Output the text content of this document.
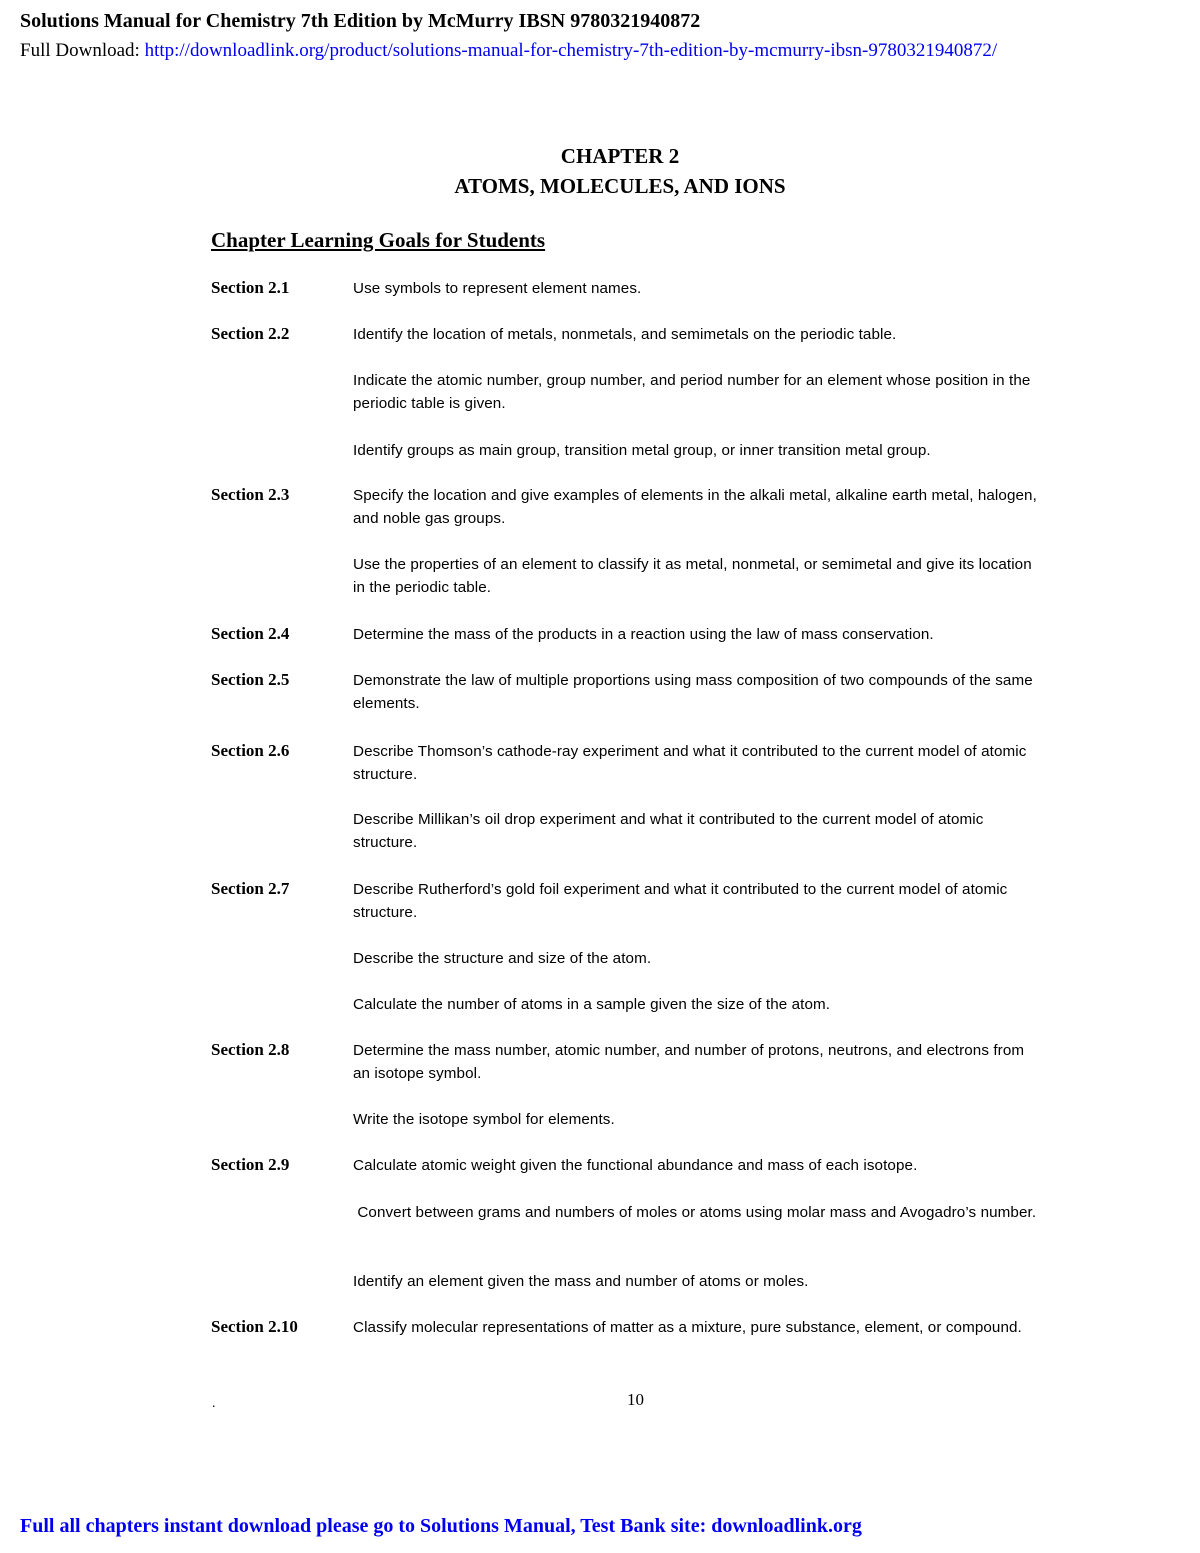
Solutions Manual for Chemistry 7th Edition by McMurry IBSN 9780321940872
Full Download: http://downloadlink.org/product/solutions-manual-for-chemistry-7th-edition-by-mcmurry-ibsn-9780321940872/
CHAPTER 2
ATOMS, MOLECULES, AND IONS
Chapter Learning Goals for Students
Section 2.1	Use symbols to represent element names.
Section 2.2	Identify the location of metals, nonmetals, and semimetals on the periodic table.
Indicate the atomic number, group number, and period number for an element whose position in the periodic table is given.
Identify groups as main group, transition metal group, or inner transition metal group.
Section 2.3	Specify the location and give examples of elements in the alkali metal, alkaline earth metal, halogen, and noble gas groups.
Use the properties of an element to classify it as metal, nonmetal, or semimetal and give its location in the periodic table.
Section 2.4	Determine the mass of the products in a reaction using the law of mass conservation.
Section 2.5	Demonstrate the law of multiple proportions using mass composition of two compounds of the same elements.
Section 2.6	Describe Thomson’s cathode-ray experiment and what it contributed to the current model of atomic structure.
Describe Millikan’s oil drop experiment and what it contributed to the current model of atomic structure.
Section 2.7	Describe Rutherford’s gold foil experiment and what it contributed to the current model of atomic structure.
Describe the structure and size of the atom.
Calculate the number of atoms in a sample given the size of the atom.
Section 2.8	Determine the mass number, atomic number, and number of protons, neutrons, and electrons from an isotope symbol.
Write the isotope symbol for elements.
Section 2.9	Calculate atomic weight given the functional abundance and mass of each isotope.
Convert between grams and numbers of moles or atoms using molar mass and Avogadro’s number.
Identify an element given the mass and number of atoms or moles.
Section 2.10	Classify molecular representations of matter as a mixture, pure substance, element, or compound.
.	10
Full all chapters instant download please go to Solutions Manual, Test Bank site: downloadlink.org
